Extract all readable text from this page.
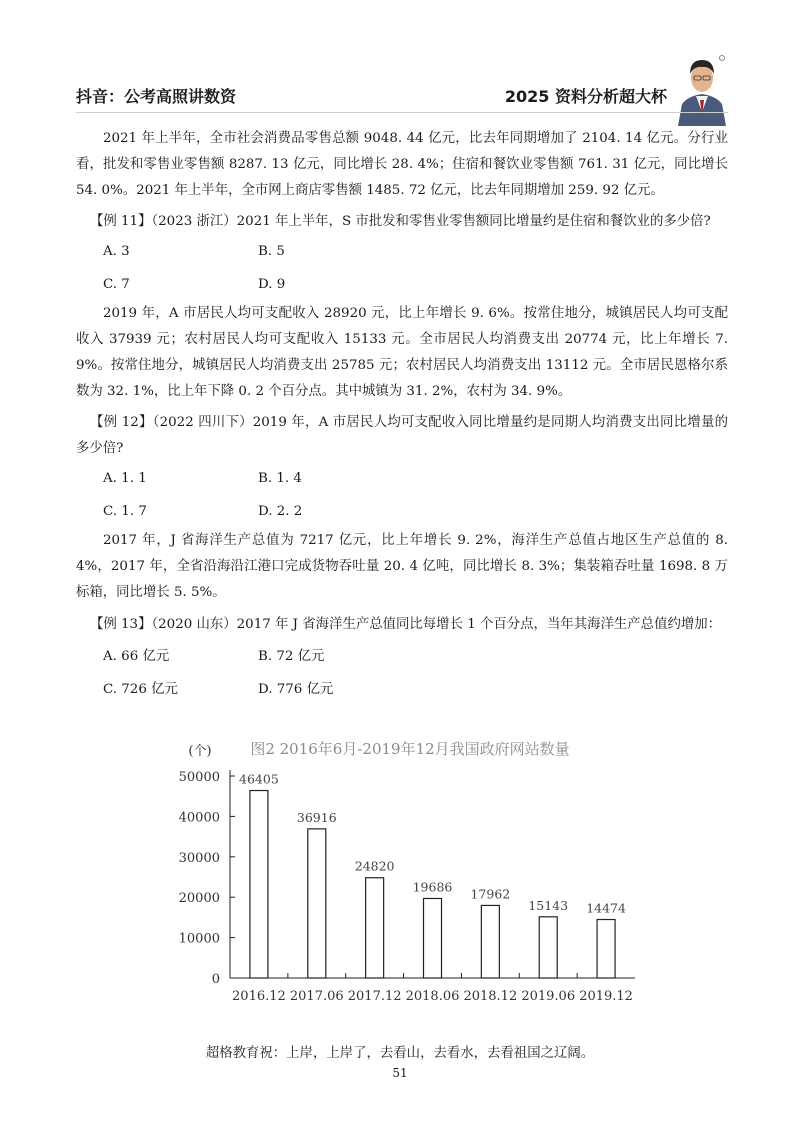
抖音：公考高照讲数资	2025 资料分析超大杯

2021 年上半年，全市社会消费品零售总额 9048. 44 亿元，比去年同期增加了 2104. 14 亿元。分行业看，批发和零售业零售额 8287. 13 亿元，同比增长 28. 4%；住宿和餐饮业零售额 761. 31 亿元，同比增长 54. 0%。2021 年上半年，全市网上商店零售额 1485. 72 亿元，比去年同期增加 259. 92 亿元。

【例 11】（2023 浙江）2021 年上半年，S 市批发和零售业零售额同比增量约是住宿和餐饮业的多少倍?

A. 3	B. 5
C. 7	D. 9

2019 年，A 市居民人均可支配收入 28920 元，比上年增长 9. 6%。按常住地分，城镇居民人均可支配收入 37939 元；农村居民人均可支配收入 15133 元。全市居民人均消费支出 20774 元，比上年增长 7. 9%。按常住地分，城镇居民人均消费支出 25785 元；农村居民人均消费支出 13112 元。全市居民恩格尔系数为 32. 1%，比上年下降 0. 2 个百分点。其中城镇为 31. 2%，农村为 34. 9%。

【例 12】（2022 四川下）2019 年，A 市居民人均可支配收入同比增量约是同期人均消费支出同比增量的多少倍?

A. 1. 1	B. 1. 4
C. 1. 7	D. 2. 2

2017 年，J 省海洋生产总值为 7217 亿元，比上年增长 9. 2%，海洋生产总值占地区生产总值的 8. 4%，2017 年，全省沿海沿江港口完成货物吞吐量 20. 4 亿吨，同比增长 8. 3%；集装箱吞吐量 1698. 8 万标箱，同比增长 5. 5%。

【例 13】（2020 山东）2017 年 J 省海洋生产总值同比每增长 1 个百分点，当年其海洋生产总值约增加：

A. 66 亿元	B. 72 亿元
C. 726 亿元	D. 776 亿元
图2 2016年6月-2019年12月我国政府网站数量
(个)
0
10000
20000
30000
40000
50000 46405
2016.12
36916
2017.06
24820
2017.12
19686
2018.06
17962
2018.12
15143
2019.06
14474
2019.12
超格教育祝：上岸，上岸了，去看山，去看水，去看祖国之辽阔。
51
